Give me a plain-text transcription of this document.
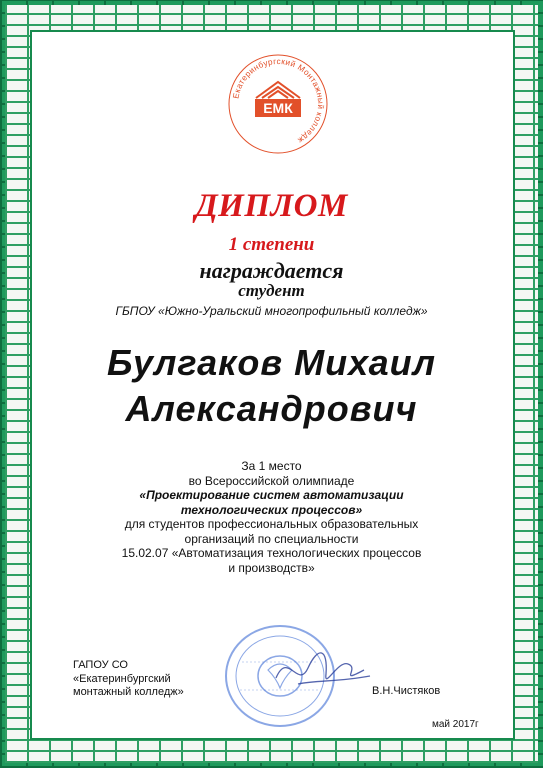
Екатеринбургский Монтажный колледж
ЕМК
ДИПЛОМ
1 степени
награждается
студент
ГБПОУ «Южно-Уральский многопрофильный колледж»
Булгаков Михаил
Александрович
За 1 место
во Всероссийской олимпиаде
«Проектирование систем автоматизации
технологических процессов»
для студентов профессиональных образовательных
организаций по специальности
15.02.07 «Автоматизация технологических процессов
и производств»
ГАПОУ СО
«Екатеринбургский
монтажный колледж»	В.Н.Чистяков
май 2017г
